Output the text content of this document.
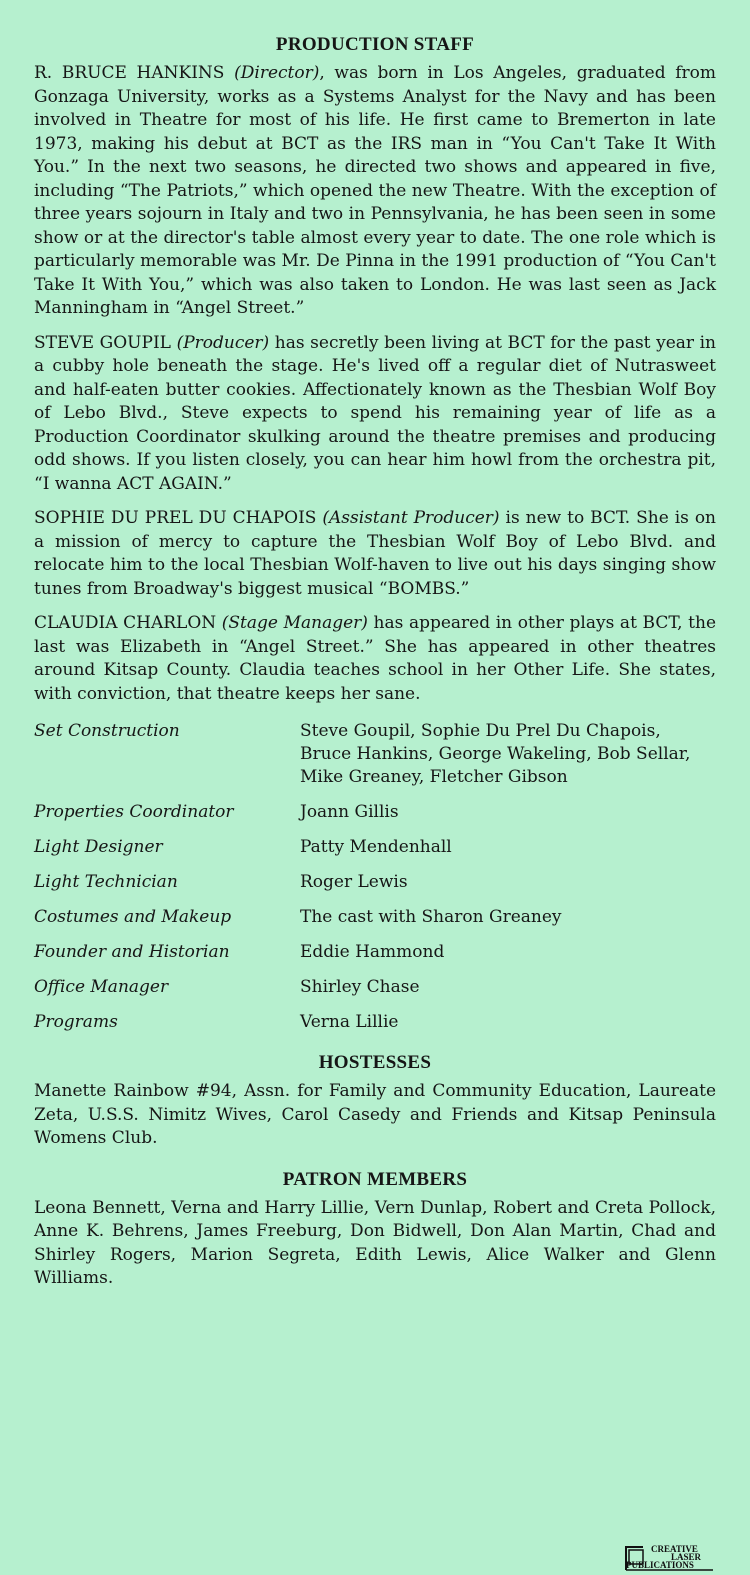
PRODUCTION STAFF

R. BRUCE HANKINS (Director), was born in Los Angeles, graduated from Gonzaga University, works as a Systems Analyst for the Navy and has been involved in Theatre for most of his life. He first came to Bremerton in late 1973, making his debut at BCT as the IRS man in “You Can't Take It With You.” In the next two seasons, he directed two shows and appeared in five, including “The Patriots,” which opened the new Theatre. With the exception of three years sojourn in Italy and two in Pennsylvania, he has been seen in some show or at the director's table almost every year to date. The one role which is particularly memorable was Mr. De Pinna in the 1991 production of “You Can't Take It With You,” which was also taken to London. He was last seen as Jack Manningham in “Angel Street.”

STEVE GOUPIL (Producer) has secretly been living at BCT for the past year in a cubby hole beneath the stage. He's lived off a regular diet of Nutrasweet and half-eaten butter cookies. Affectionately known as the Thesbian Wolf Boy of Lebo Blvd., Steve expects to spend his remaining year of life as a Production Coordinator skulking around the theatre premises and producing odd shows. If you listen closely, you can hear him howl from the orchestra pit, “I wanna ACT AGAIN.”

SOPHIE DU PREL DU CHAPOIS (Assistant Producer) is new to BCT. She is on a mission of mercy to capture the Thesbian Wolf Boy of Lebo Blvd. and relocate him to the local Thesbian Wolf-haven to live out his days singing show tunes from Broadway's biggest musical “BOMBS.”

CLAUDIA CHARLON (Stage Manager) has appeared in other plays at BCT, the last was Elizabeth in “Angel Street.” She has appeared in other theatres around Kitsap County. Claudia teaches school in her Other Life. She states, with conviction, that theatre keeps her sane.

Set Construction	Steve Goupil, Sophie Du Prel Du Chapois, Bruce Hankins, George Wakeling, Bob Sellar, Mike Greaney, Fletcher Gibson
Properties Coordinator	Joann Gillis
Light Designer	Patty Mendenhall
Light Technician	Roger Lewis
Costumes and Makeup	The cast with Sharon Greaney
Founder and Historian	Eddie Hammond
Office Manager	Shirley Chase
Programs	Verna Lillie
HOSTESSES

Manette Rainbow #94, Assn. for Family and Community Education, Laureate Zeta, U.S.S. Nimitz Wives, Carol Casedy and Friends and Kitsap Peninsula Womens Club.

PATRON MEMBERS

Leona Bennett, Verna and Harry Lillie, Vern Dunlap, Robert and Creta Pollock, Anne K. Behrens, James Freeburg, Don Bidwell, Don Alan Martin, Chad and Shirley Rogers, Marion Segreta, Edith Lewis, Alice Walker and Glenn Williams.

CREATIVE
LASER
PUBLICATIONS
